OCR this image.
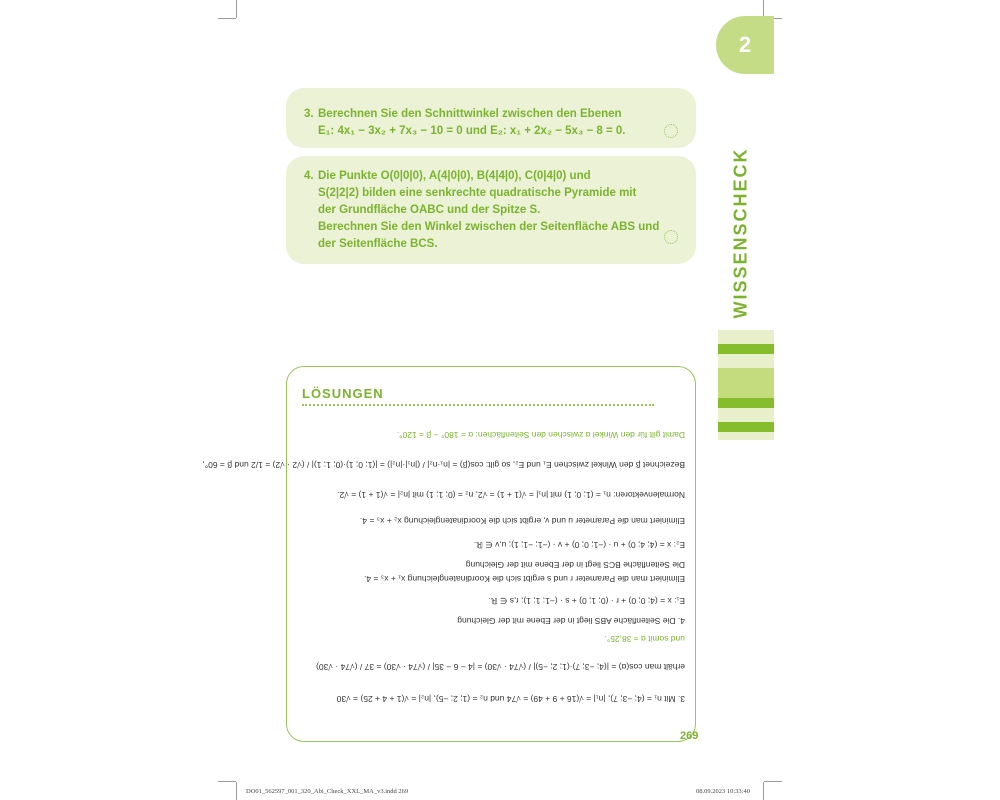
2
WISSENSCHECK
3. Berechnen Sie den Schnittwinkel zwischen den Ebenen
E₁: 4x₁ − 3x₂ + 7x₃ − 10 = 0 und E₂: x₁ + 2x₂ − 5x₃ − 8 = 0.
4. Die Punkte O(0|0|0), A(4|0|0), B(4|4|0), C(0|4|0) und
S(2|2|2) bilden eine senkrechte quadratische Pyramide mit
der Grundfläche OABC und der Spitze S.
Berechnen Sie den Winkel zwischen der Seitenfläche ABS und
der Seitenfläche BCS.
LÖSUNGEN
3. Mit n₁ = (4; −3; 7), |n₁| = √(16 + 9 + 49) = √74 und n₂ = (1; 2; −5), |n₂| = √(1 + 4 + 25) = √30
erhält man cos(α) = |(4; −3; 7)·(1; 2; −5)| / (√74 · √30) = |4 − 6 − 35| / (√74 · √30) = 37 / (√74 · √30)
und somit α ≈ 38,25°.
4. Die Seitenfläche ABS liegt in der Ebene mit der Gleichung
E₁: x = (4; 0; 0) + r · (0; 1; 0) + s · (−1; 1; 1); r,s ∈ ℝ.
Eliminiert man die Parameter r und s ergibt sich die Koordinatengleichung x₁ + x₃ = 4.
Die Seitenfläche BCS liegt in der Ebene mit der Gleichung
E₂: x = (4; 4; 0) + u · (−1; 0; 0) + v · (−1; −1; 1); u,v ∈ ℝ.
Eliminiert man die Parameter u und v, ergibt sich die Koordinatengleichung x₂ + x₃ = 4.
Normalenvektoren: n₁ = (1; 0; 1) mit |n₁| = √(1 + 1) = √2, n₂ = (0; 1; 1) mit |n₂| = √(1 + 1) = √2.
Bezeichnet β den Winkel zwischen E₁ und E₂, so gilt: cos(β) = |n₁·n₂| / (|n₁|·|n₂|) = |(1; 0; 1)·(0; 1; 1)| / (√2 · √2) = 1/2 und β = 60°,
Damit gilt für den Winkel α zwischen den Seitenflächen: α = 180° − β = 120°.
269
DO01_562597_001_320_Abi_Check_XXL_MA_v3.indd 269	08.09.2023 10:33:40
